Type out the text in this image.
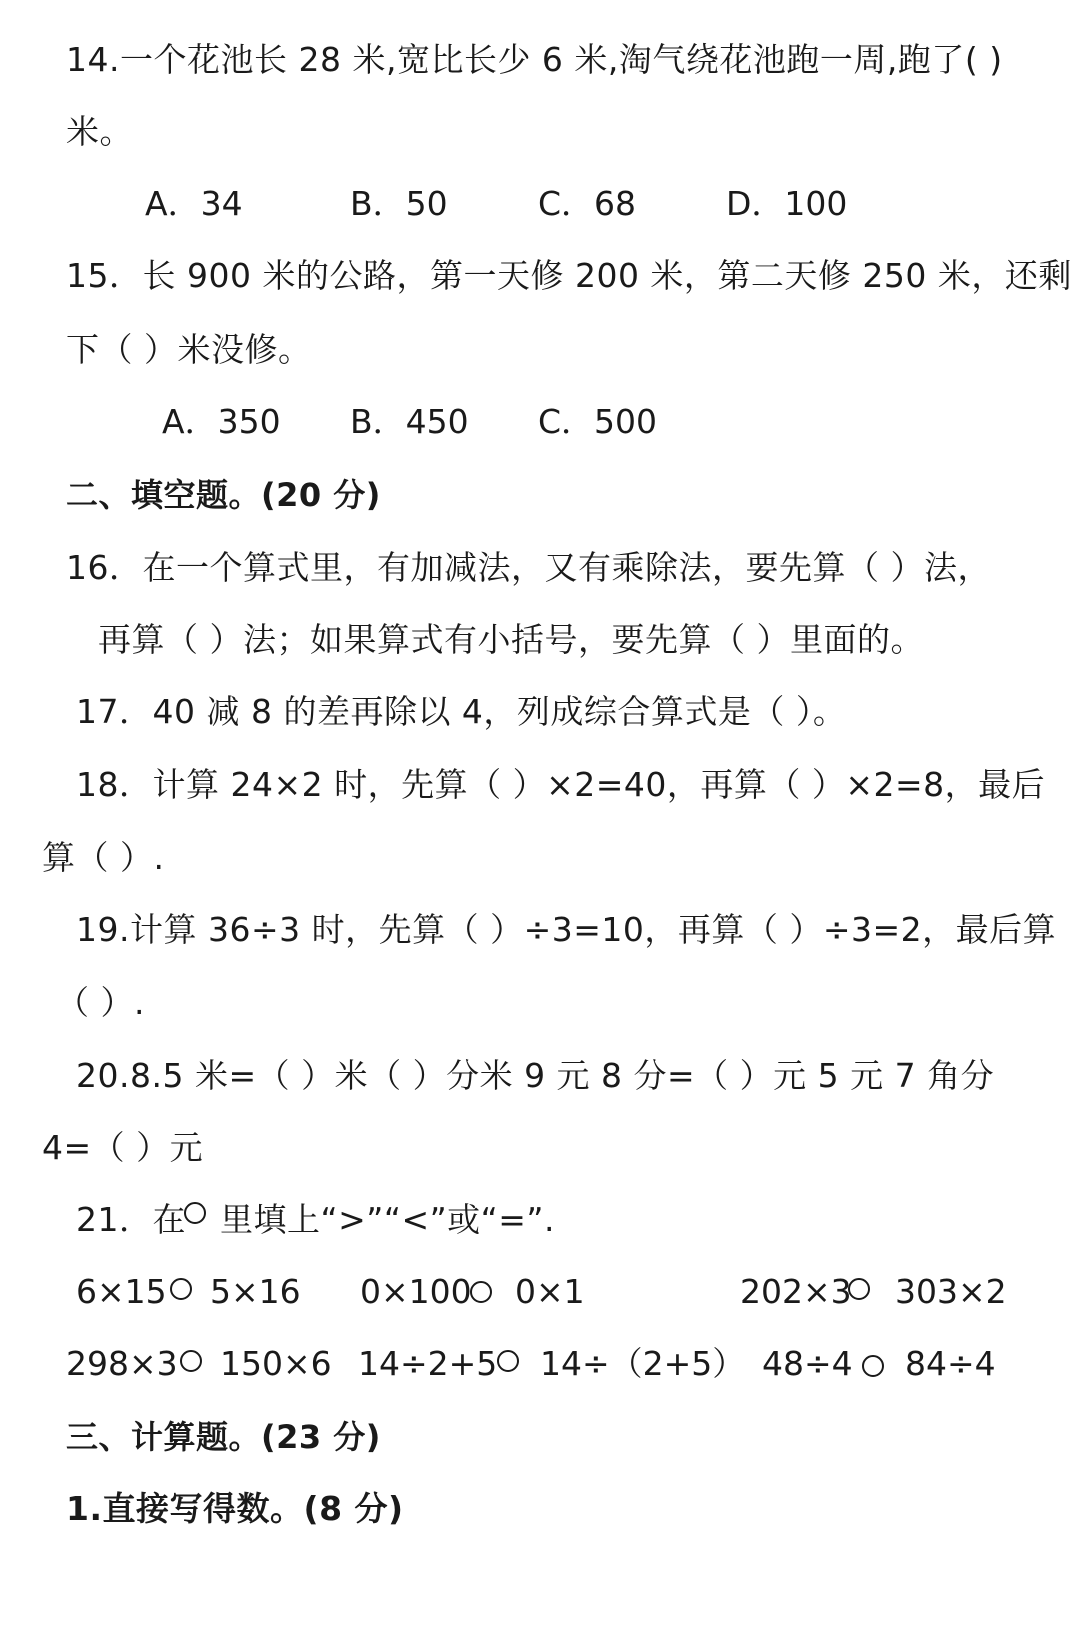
14.一个花池长 28 米,宽比长少 6 米,淘气绕花池跑一周,跑了( )
米。
A．34	B．50	C．68	D．100
15．长 900 米的公路，第一天修 200 米，第二天修 250 米，还剩
下（ ）米没修。
A．350 B．450 C．500
二、填空题。(20 分)
16．在一个算式里，有加减法，又有乘除法，要先算（ ）法，
再算（ ）法；如果算式有小括号，要先算（ ）里面的。
17．40 减 8 的差再除以 4，列成综合算式是（ ）。
18．计算 24×2 时，先算（ ）×2=40，再算（ ）×2=8，最后
算（ ）.
19.计算 36÷3 时，先算（ ）÷3=10，再算（ ）÷3=2，最后算
（ ）.
20.8.5 米=（ ）米（ ）分米 9 元 8 分=（ ）元 5 元 7 角分
4=（ ）元
21．在 里填上“>”“<”或“=”.
6×15 5×16 0×100 0×1	202×3 303×2
298×3 150×6 14÷2+5 14÷（2+5） 48÷4 84÷4
三、计算题。(23 分)
1.直接写得数。(8 分)
